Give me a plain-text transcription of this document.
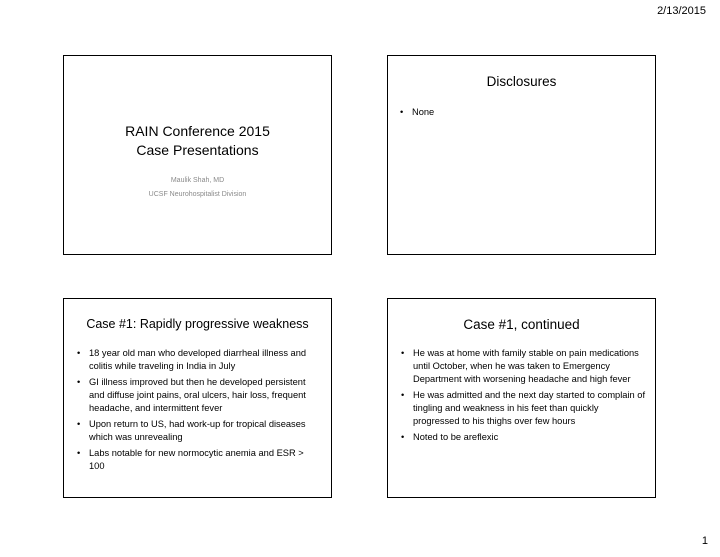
2/13/2015
RAIN Conference 2015
Case Presentations
Maulik Shah, MD
UCSF Neurohospitalist Division
Disclosures
• None
Case #1: Rapidly progressive weakness
• 18 year old man who developed diarrheal illness and colitis while traveling in India in July
• GI illness improved but then he developed persistent and diffuse joint pains, oral ulcers, hair loss, frequent headache, and intermittent fever
• Upon return to US, had work-up for tropical diseases which was unrevealing
• Labs notable for new normocytic anemia and ESR > 100
Case #1, continued
• He was at home with family stable on pain medications until October, when he was taken to Emergency Department with worsening headache and high fever
• He was admitted and the next day started to complain of tingling and weakness in his feet than quickly progressed to his thighs over few hours
• Noted to be areflexic
1
